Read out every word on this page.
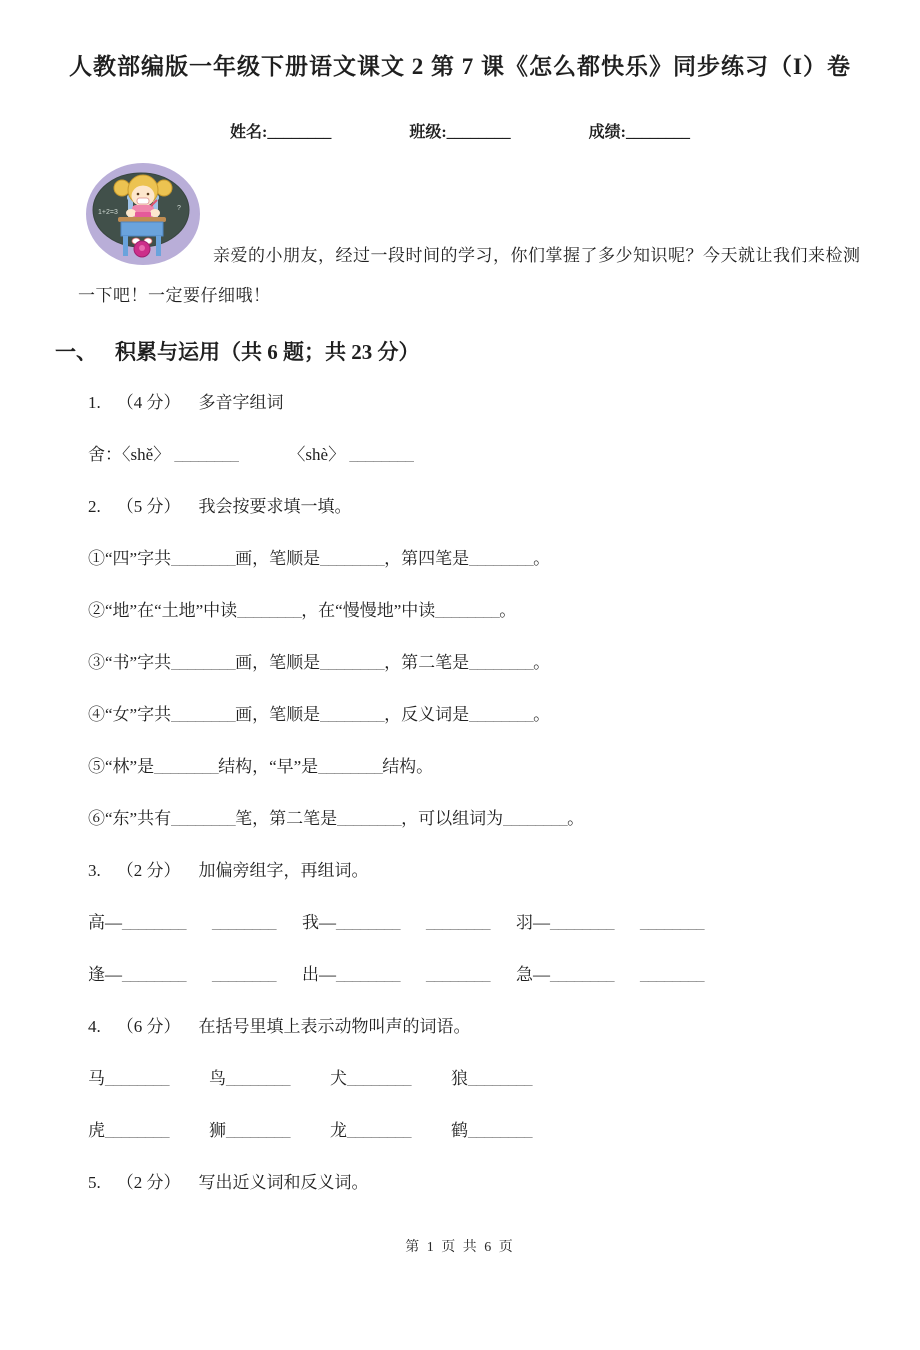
人教部编版一年级下册语文课文 2 第 7 课《怎么都快乐》同步练习（I）卷
姓名:________	班级:________	成绩:________
1+2=3
?

亲爱的小朋友，经过一段时间的学习，你们掌握了多少知识呢？今天就让我们来检测一下吧！一定要仔细哦！

一、 积累与运用（共 6 题；共 23 分）
1. （4 分） 多音字组词
舍：〈shě〉 ________	〈shè〉 ________
2. （5 分） 我会按要求填一填。
①“四”字共________画，笔顺是________，第四笔是________。
②“地”在“土地”中读________，在“慢慢地”中读________。
③“书”字共________画，笔顺是________，第二笔是________。
④“女”字共________画，笔顺是________，反义词是________。
⑤“林”是________结构，“早”是________结构。
⑥“东”共有________笔，第二笔是________，可以组词为________。
3. （2 分） 加偏旁组字，再组词。
高—________ ________ 我—________ ________ 羽—________ ________
逢—________ ________ 出—________ ________ 急—________ ________
4. （6 分） 在括号里填上表示动物叫声的词语。
马________ 鸟________ 犬________ 狼________
虎________ 狮________ 龙________ 鹤________
5. （2 分） 写出近义词和反义词。
第 1 页 共 6 页
